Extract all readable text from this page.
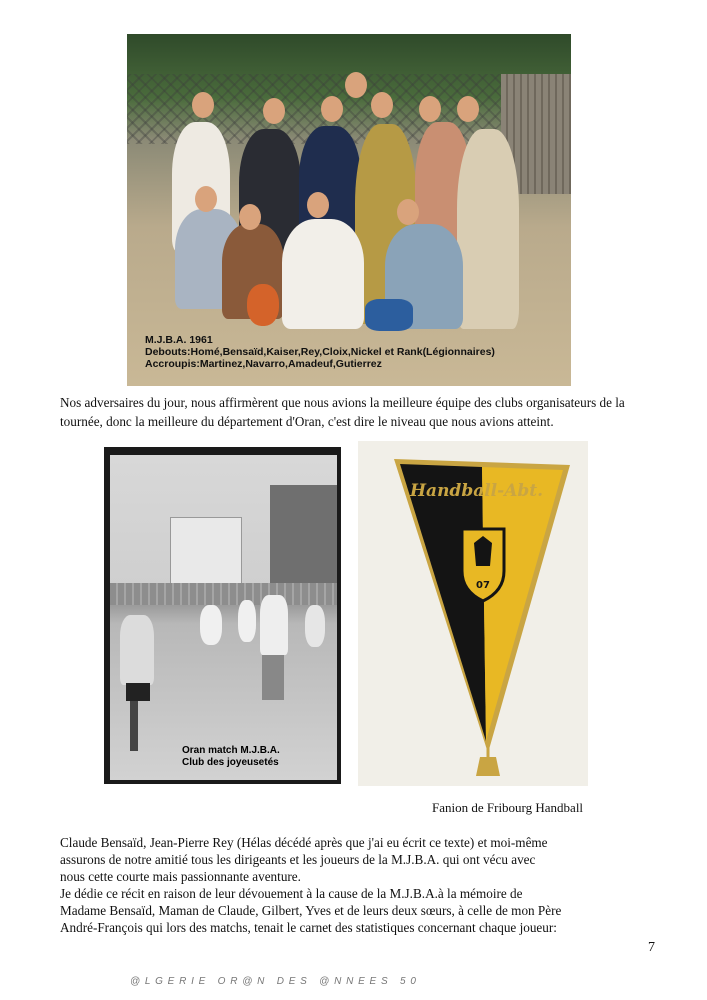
M.J.B.A. 1961
Debouts:Homé,Bensaïd,Kaiser,Rey,Cloix,Nickel et Rank(Légionnaires)
Accroupis:Martinez,Navarro,Amadeuf,Gutierrez
Nos adversaires du jour, nous affirmèrent que nous avions la meilleure équipe des clubs organisateurs de la tournée, donc la meilleure du département d'Oran, c'est dire le niveau que nous avions atteint.
Oran match M.J.B.A.
Club des joyeusetés
Handball-Abt.
07
Fanion de Fribourg Handball
Claude Bensaïd, Jean-Pierre Rey (Hélas décédé après que j'ai eu écrit ce texte) et moi-même
assurons de notre amitié tous les dirigeants et les joueurs de la M.J.B.A. qui ont vécu avec
nous cette courte mais passionnante aventure.
Je dédie ce récit en raison de leur dévouement à la cause de la M.J.B.A.à la mémoire de
Madame Bensaïd, Maman de Claude, Gilbert, Yves et de leurs deux sœurs, à celle de mon Père
André-François qui lors des matchs, tenait le carnet des statistiques concernant chaque joueur:
7
@ L G E R I E   O R @ N   D E S   @ N N E E S   5 0
